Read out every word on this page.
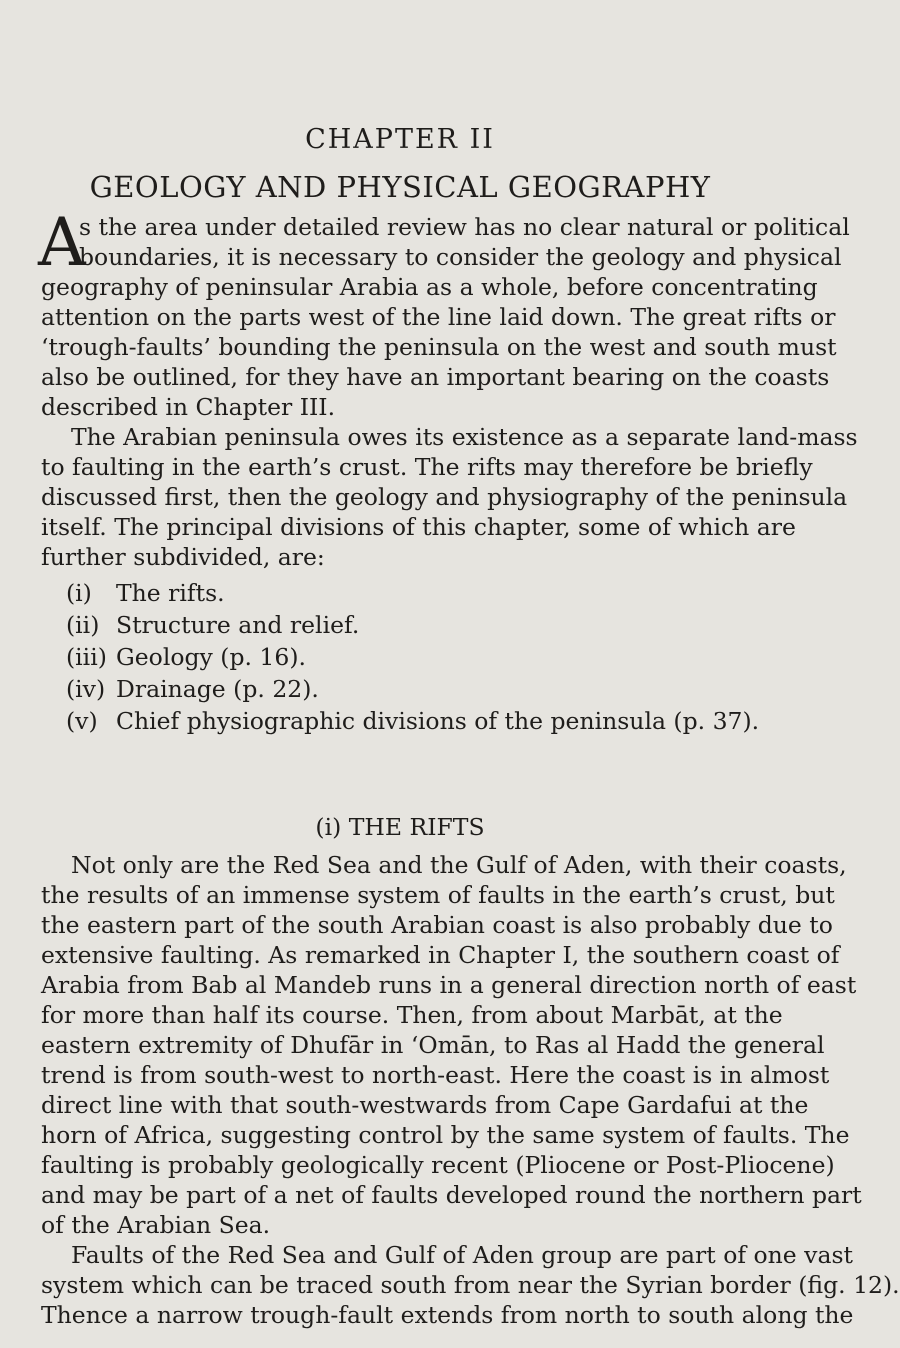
CHAPTER II
GEOLOGY AND PHYSICAL GEOGRAPHY
A
s the area under detailed review has no clear natural or political
boundaries, it is necessary to consider the geology and physical
geography of peninsular Arabia as a whole, before concentrating
attention on the parts west of the line laid down. The great rifts or
‘trough-faults’ bounding the peninsula on the west and south must
also be outlined, for they have an important bearing on the coasts
described in Chapter III.
The Arabian peninsula owes its existence as a separate land-mass
to faulting in the earth’s crust. The rifts may therefore be briefly
discussed first, then the geology and physiography of the peninsula
itself. The principal divisions of this chapter, some of which are
further subdivided, are:
(i) The rifts.
(ii) Structure and relief.
(iii) Geology (p. 16).
(iv) Drainage (p. 22).
(v) Chief physiographic divisions of the peninsula (p. 37).
(i) THE RIFTS
Not only are the Red Sea and the Gulf of Aden, with their coasts,
the results of an immense system of faults in the earth’s crust, but
the eastern part of the south Arabian coast is also probably due to
extensive faulting. As remarked in Chapter I, the southern coast of
Arabia from Bab al Mandeb runs in a general direction north of east
for more than half its course. Then, from about Marbāt, at the
eastern extremity of Dhufār in ‘Omān, to Ras al Hadd the general
trend is from south-west to north-east. Here the coast is in almost
direct line with that south-westwards from Cape Gardafui at the
horn of Africa, suggesting control by the same system of faults. The
faulting is probably geologically recent (Pliocene or Post-Pliocene)
and may be part of a net of faults developed round the northern part
of the Arabian Sea.
Faults of the Red Sea and Gulf of Aden group are part of one vast
system which can be traced south from near the Syrian border (fig. 12).
Thence a narrow trough-fault extends from north to south along the
